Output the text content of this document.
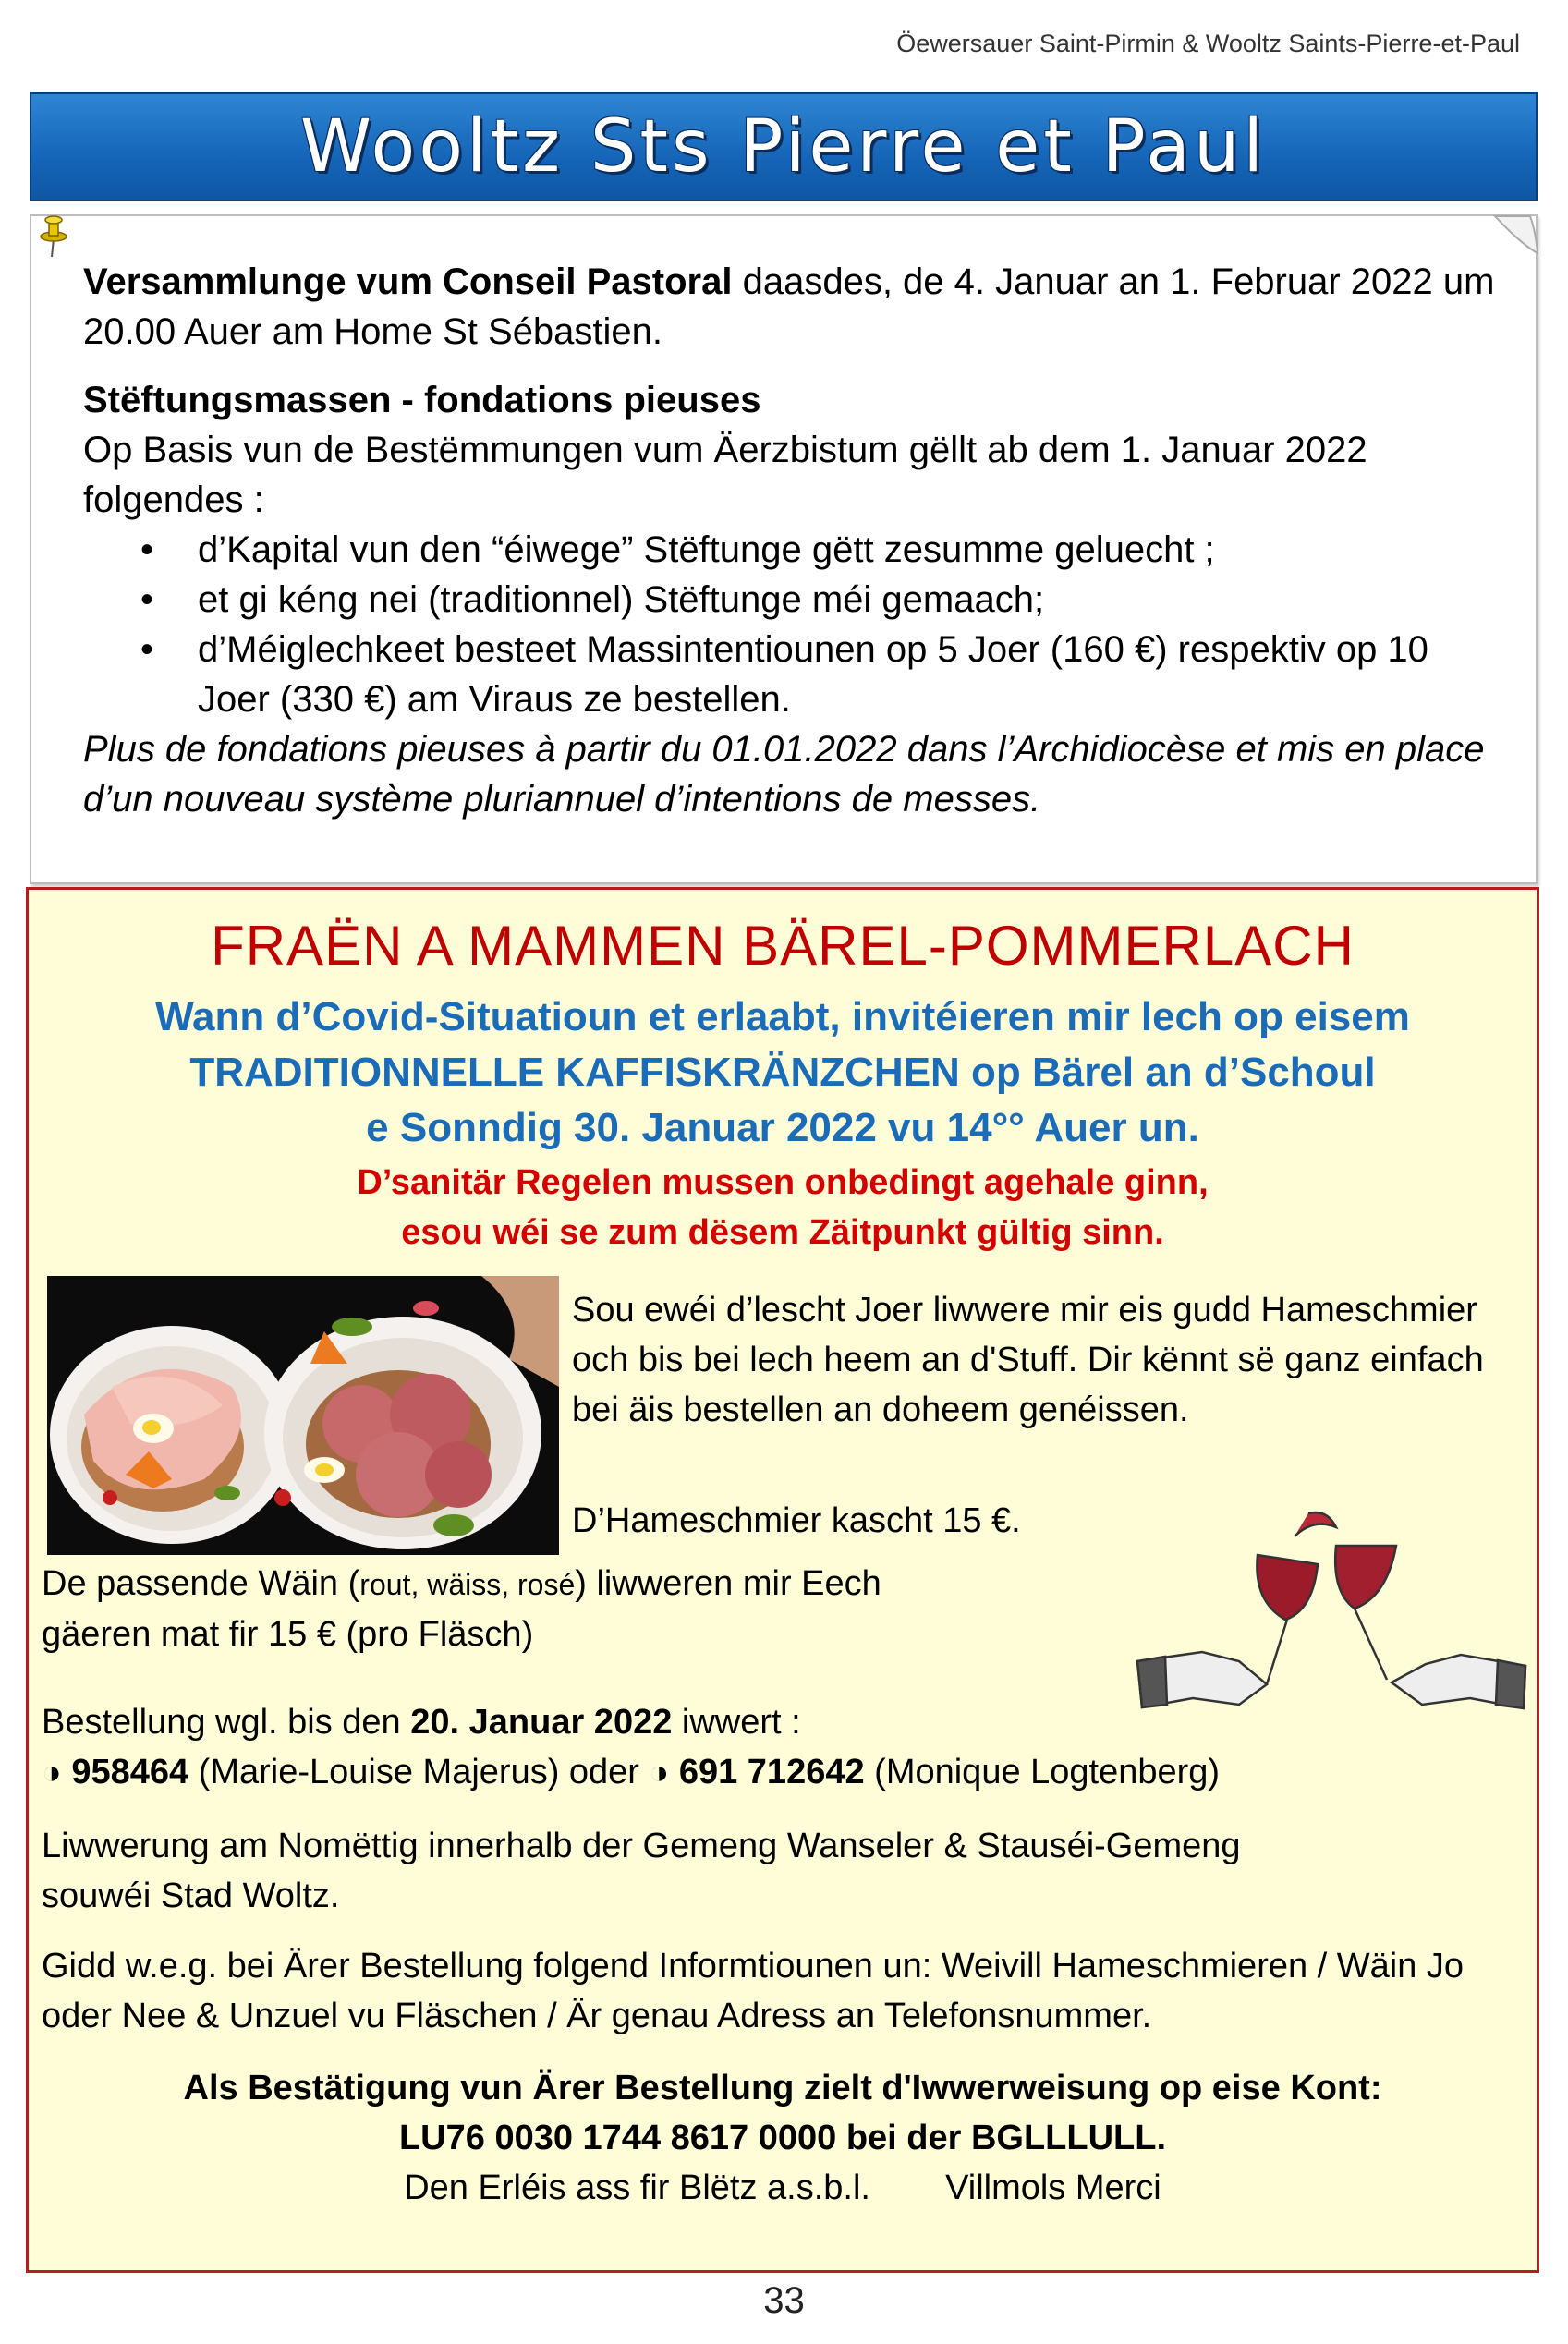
Öewersauer Saint-Pirmin & Wooltz Saints-Pierre-et-Paul
Wooltz Sts Pierre et Paul

Versammlunge vum Conseil Pastoral daasdes, de 4. Januar an 1. Februar 2022 um 20.00 Auer am Home St Sébastien.

Stëftungsmassen - fondations pieuses

Op Basis vun de Bestëmmungen vum Äerzbistum gëllt ab dem 1. Januar 2022 folgendes :

• d’Kapital vun den “éiwege” Stëftunge gëtt zesumme geluecht ;
• et gi kéng nei (traditionnel) Stëftunge méi gemaach;
• d’Méiglechkeet besteet Massintentiounen op 5 Joer (160 €) respektiv op 10 Joer (330 €) am Viraus ze bestellen.

Plus de fondations pieuses à partir du 01.01.2022 dans l’Archidiocèse et mis en place d’un nouveau système pluriannuel d’intentions de messes.

FRAËN A MAMMEN BÄREL-POMMERLACH
Wann d’Covid-Situatioun et erlaabt, invitéieren mir lech op eisem
TRADITIONNELLE KAFFISKRÄNZCHEN op Bärel an d’Schoul
e Sonndig 30. Januar 2022 vu 14°° Auer un.
D’sanitär Regelen mussen onbedingt agehale ginn,
esou wéi se zum dësem Zäitpunkt gültig sinn.
Sou ewéi d’lescht Joer liwwere mir eis gudd Hameschmier och bis bei lech heem an d'Stuff. Dir kënnt së ganz einfach bei äis bestellen an doheem genéissen.
D’Hameschmier kascht 15 €.
De passende Wäin (rout, wäiss, rosé) liwweren mir Eech
gäeren mat fir 15 € (pro Fläsch)
Bestellung wgl. bis den 20. Januar 2022 iwwert :
◑ 958464 (Marie-Louise Majerus) oder ◑ 691 712642 (Monique Logtenberg)
Liwwerung am Nomëttig innerhalb der Gemeng Wanseler & Stauséi-Gemeng souwéi Stad Woltz.
Gidd w.e.g. bei Ärer Bestellung folgend Informtiounen un: Weivill Hameschmieren / Wäin Jo oder Nee & Unzuel vu Fläschen / Är genau Adress an Telefonsnummer.
Als Bestätigung vun Ärer Bestellung zielt d'Iwwerweisung op eise Kont:
LU76 0030 1744 8617 0000 bei der BGLLLULL.
Den Erléis ass fir Blëtz a.s.b.l. Villmols Merci
33
